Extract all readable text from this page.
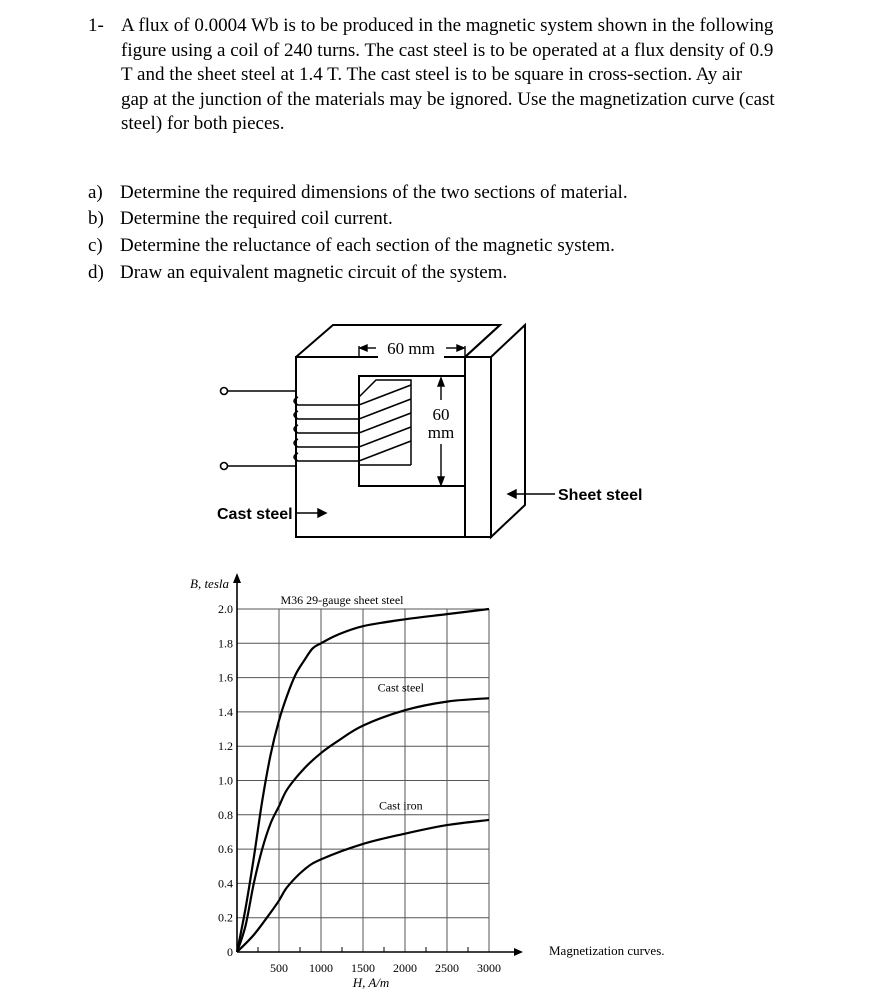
1- A flux of 0.0004 Wb is to be produced in the magnetic system shown in the following
figure using a coil of 240 turns. The cast steel is to be operated at a flux density of 0.9
T and the sheet steel at 1.4 T. The cast steel is to be square in cross-section. Ay air
gap at the junction of the materials may be ignored. Use the magnetization curve (cast
steel) for both pieces.
a) Determine the required dimensions of the two sections of material.
b) Determine the required coil current.
c) Determine the reluctance of each section of the magnetic system.
d) Draw an equivalent magnetic circuit of the system.
60 mm
60
mm
Cast steel
Sheet steel
500 1000 1500 2000 2500 3000
0
0.2
0.4
0.6
0.8
1.0
1.2
1.4
1.6
1.8
2.0
H, A/m
B, tesla
Magnetization curves.
M36 29-gauge sheet steel
Cast steel
Cast iron
